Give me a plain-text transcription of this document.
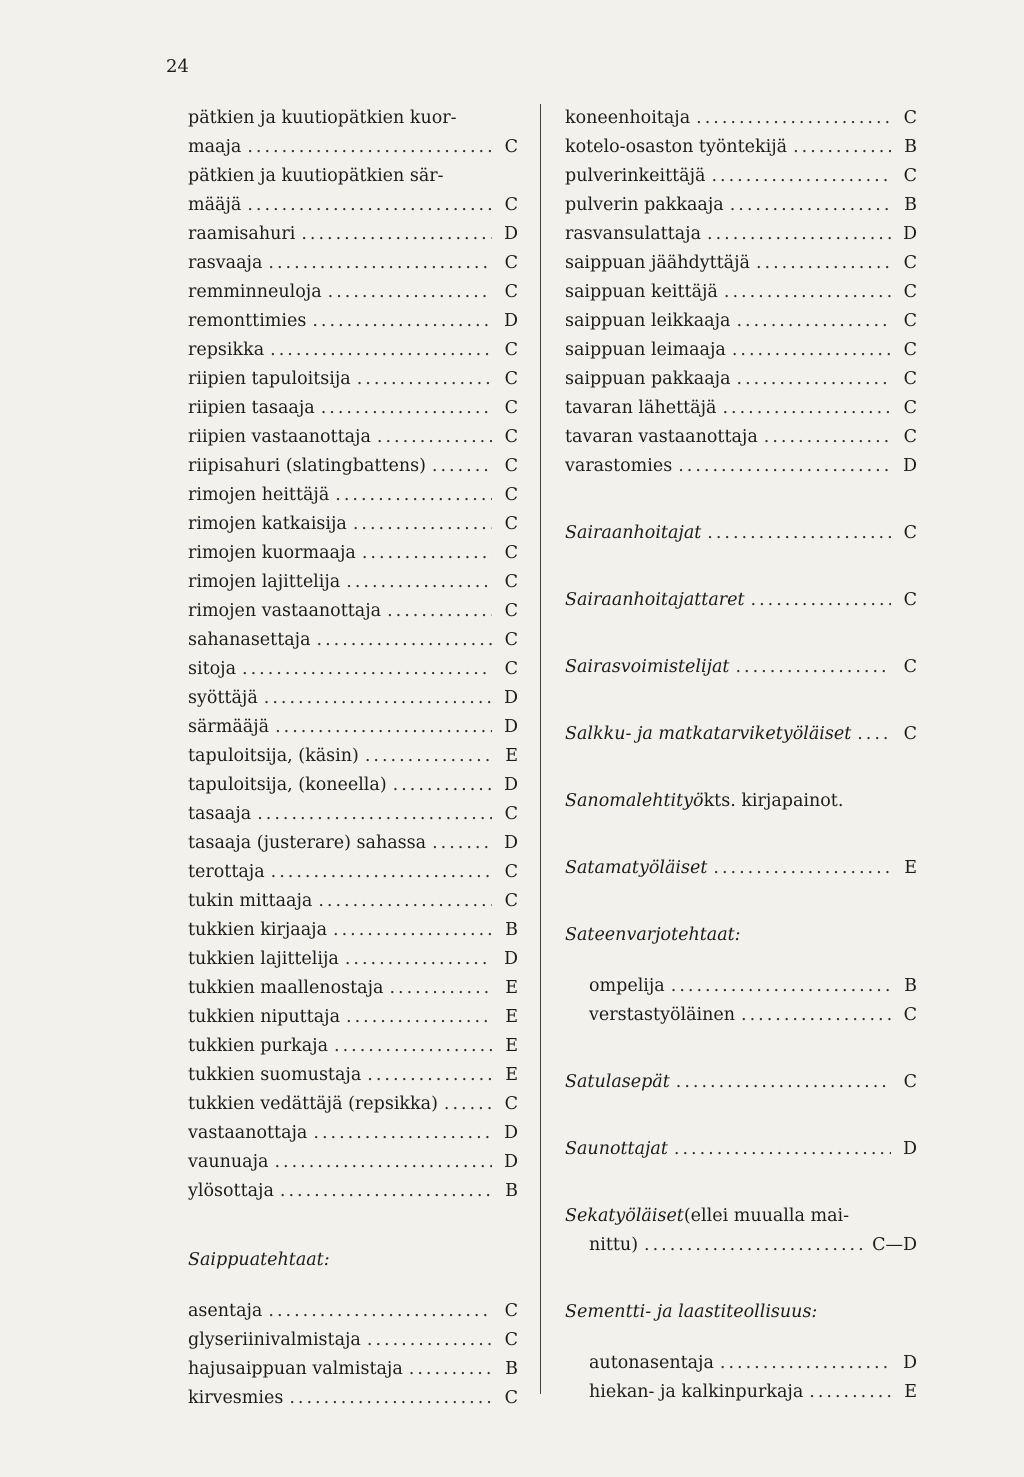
24
pätkien ja kuutiopätkien kuor-
maaja .....	C
pätkien ja kuutiopätkien sär-
määjä .....	C
raamisahuri .....	D
rasvaaja .....	C
remminneuloja .....	C
remonttimies .....	D
repsikka .....	C
riipien tapuloitsija .....	C
riipien tasaaja .....	C
riipien vastaanottaja .....	C
riipisahuri (slatingbattens) .....	C
rimojen heittäjä .....	C
rimojen katkaisija .....	C
rimojen kuormaaja .....	C
rimojen lajittelija .....	C
rimojen vastaanottaja .....	C
sahanasettaja .....	C
sitoja .....	C
syöttäjä .....	D
särmääjä .....	D
tapuloitsija, (käsin) .....	E
tapuloitsija, (koneella) .....	D
tasaaja .....	C
tasaaja (justerare) sahassa .....	D
terottaja .....	C
tukin mittaaja .....	C
tukkien kirjaaja .....	B
tukkien lajittelija .....	D
tukkien maallenostaja .....	E
tukkien niputtaja .....	E
tukkien purkaja .....	E
tukkien suomustaja .....	E
tukkien vedättäjä (repsikka) .....	C
vastaanottaja .....	D
vaunuaja .....	D
ylösottaja .....	B
Saippuatehtaat:
asentaja .....	C
glyseriinivalmistaja .....	C
hajusaippuan valmistaja .....	B
kirvesmies .....	C
koneenhoitaja .....	C
kotelo-osaston työntekijä .....	B
pulverinkeittäjä .....	C
pulverin pakkaaja .....	B
rasvansulattaja .....	D
saippuan jäähdyttäjä .....	C
saippuan keittäjä .....	C
saippuan leikkaaja .....	C
saippuan leimaaja .....	C
saippuan pakkaaja .....	C
tavaran lähettäjä .....	C
tavaran vastaanottaja .....	C
varastomies .....	D
Sairaanhoitajat .....	C
Sairaanhoitajattaret .....	C
Sairasvoimistelijat .....	C
Salkku- ja matkatarviketyöläiset .....	C
Sanomalehtityö kts. kirjapainot.
Satamatyöläiset .....	E
Sateenvarjotehtaat:
ompelija .....	B
verstastyöläinen .....	C
Satulasepät .....	C
Saunottajat .....	D
Sekatyöläiset (ellei muualla mai-
nittu) .....	C—D
Sementti- ja laastiteollisuus:
autonasentaja .....	D
hiekan- ja kalkinpurkaja .....	E
